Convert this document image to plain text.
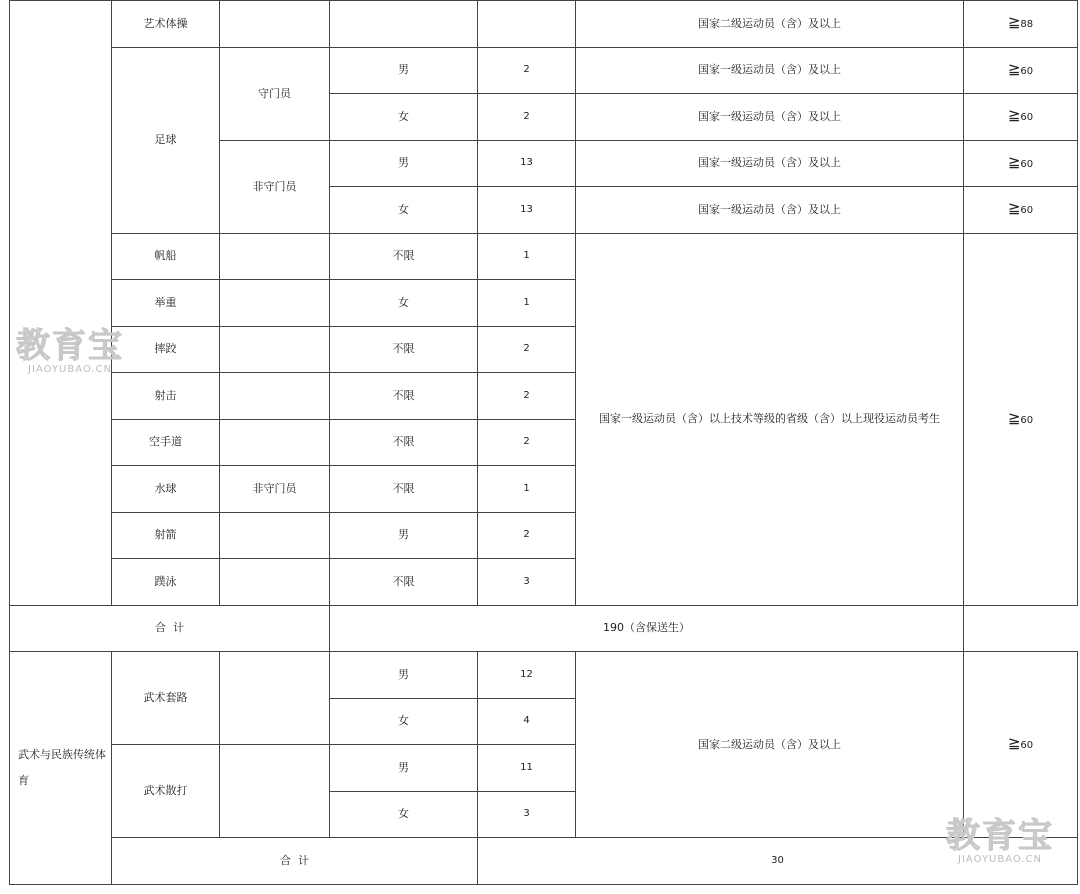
	艺术体操				国家二级运动员（含）及以上	≧88
	足球	守门员	男	2	国家一级运动员（含）及以上	≧60
			女	2	国家一级运动员（含）及以上	≧60
		非守门员	男	13	国家一级运动员（含）及以上	≧60
			女	13	国家一级运动员（含）及以上	≧60
	帆船		不限	1	国家一级运动员（含）以上技术等级的省级（含）以上现役运动员考生	≧60
	举重		女	1		
	摔跤		不限	2		
	射击		不限	2		
	空手道		不限	2		
	水球	非守门员	不限	1		
	射箭		男	2		
	蹼泳		不限	3		
合  计			190（含保送生）			
武术与民族传统体育	武术套路		男	12	国家二级运动员（含）及以上	≧60
			女	4		
	武术散打		男	11		
			女	3		
	合  计			30		
教育宝
JIAOYUBAO.CN
教育宝
JIAOYUBAO.CN
